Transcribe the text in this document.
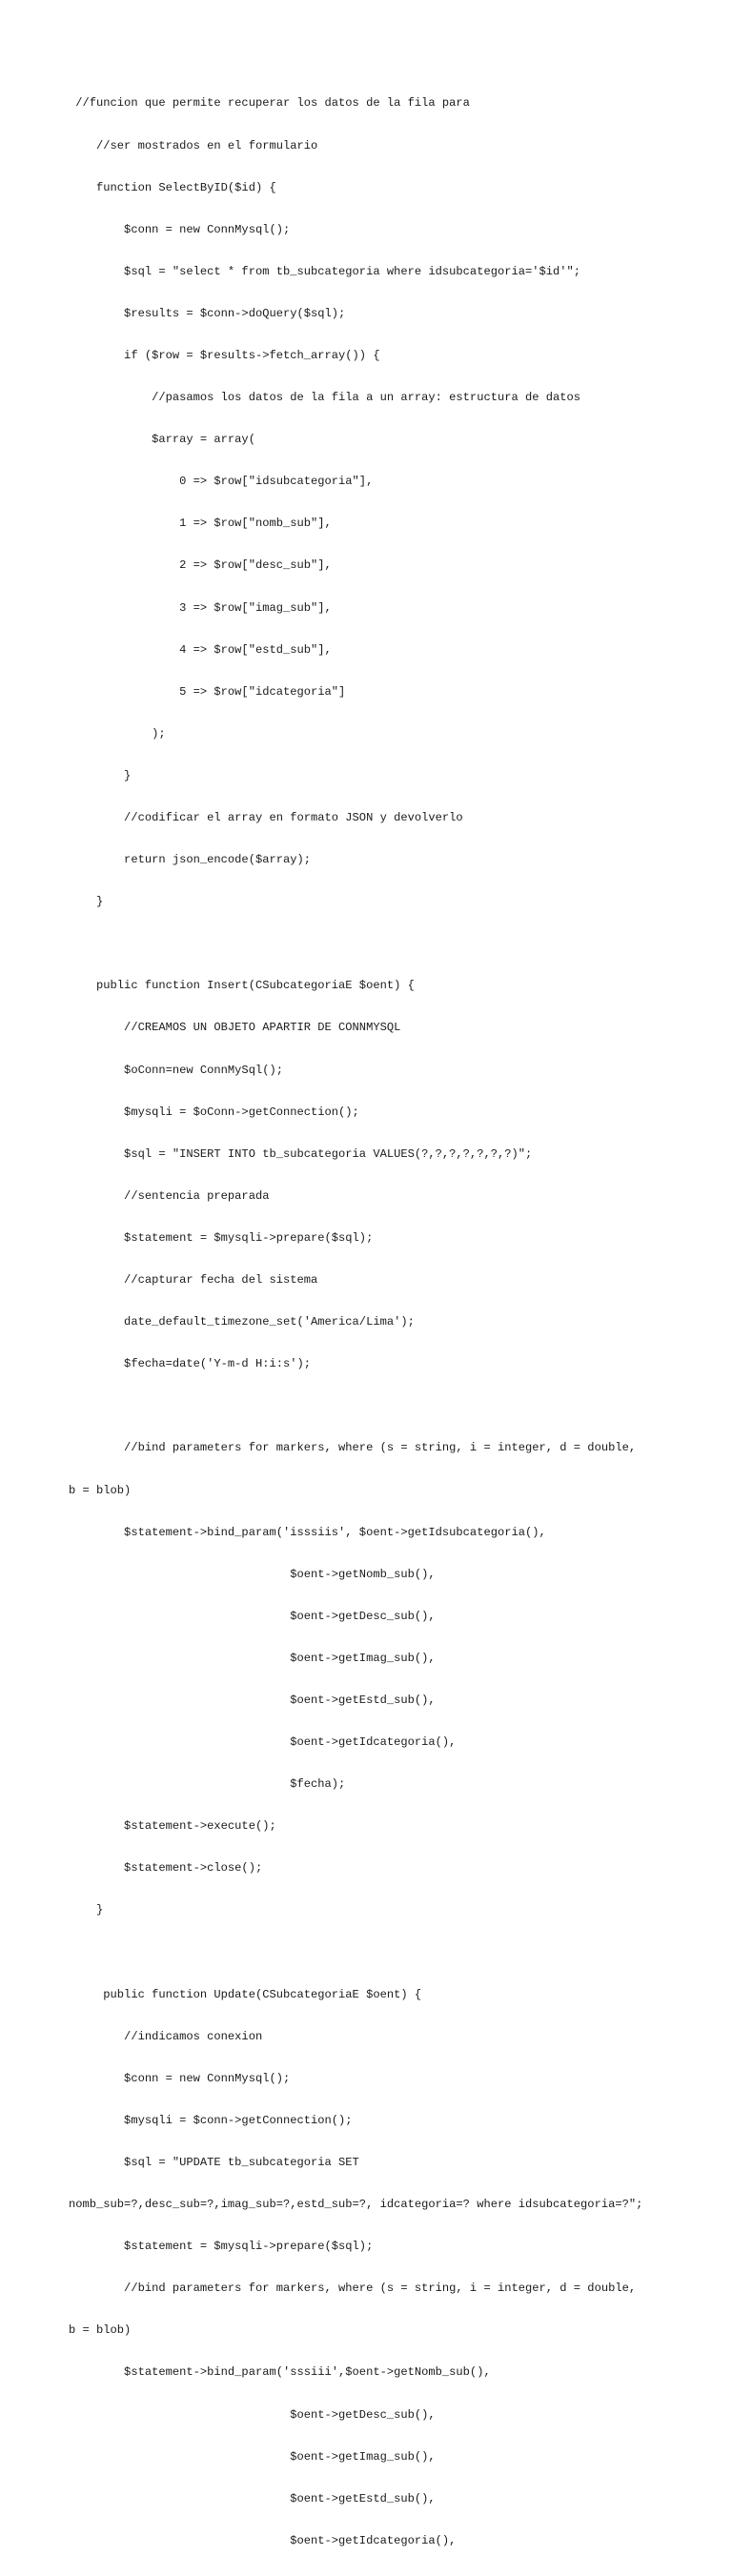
//funcion que permite recuperar los datos de la fila para

//ser mostrados en el formulario

function SelectByID($id) {

$conn = new ConnMysql();

$sql = "select * from tb_subcategoria where idsubcategoria='$id'";

$results = $conn->doQuery($sql);

if ($row = $results->fetch_array()) {

//pasamos los datos de la fila a un array: estructura de datos

$array = array(

0 => $row["idsubcategoria"],

1 => $row["nomb_sub"],

2 => $row["desc_sub"],

3 => $row["imag_sub"],

4 => $row["estd_sub"],

5 => $row["idcategoria"]

);

}

//codificar el array en formato JSON y devolverlo

return json_encode($array);

}

public function Insert(CSubcategoriaE $oent) {

//CREAMOS UN OBJETO APARTIR DE CONNMYSQL

$oConn=new ConnMySql();

$mysqli = $oConn->getConnection();

$sql = "INSERT INTO tb_subcategoria VALUES(?,?,?,?,?,?,?)";

//sentencia preparada

$statement = $mysqli->prepare($sql);

//capturar fecha del sistema

date_default_timezone_set('America/Lima');

$fecha=date('Y-m-d H:i:s');

//bind parameters for markers, where (s = string, i = integer, d = double,

b = blob)

$statement->bind_param('isssiis', $oent->getIdsubcategoria(),

$oent->getNomb_sub(),

$oent->getDesc_sub(),

$oent->getImag_sub(),

$oent->getEstd_sub(),

$oent->getIdcategoria(),

$fecha);

$statement->execute();

$statement->close();

}

public function Update(CSubcategoriaE $oent) {

//indicamos conexion

$conn = new ConnMysql();

$mysqli = $conn->getConnection();

$sql = "UPDATE tb_subcategoria SET

nomb_sub=?,desc_sub=?,imag_sub=?,estd_sub=?, idcategoria=? where idsubcategoria=?";

$statement = $mysqli->prepare($sql);

//bind parameters for markers, where (s = string, i = integer, d = double,

b = blob)

$statement->bind_param('sssiii',$oent->getNomb_sub(),

$oent->getDesc_sub(),

$oent->getImag_sub(),

$oent->getEstd_sub(),

$oent->getIdcategoria(),
